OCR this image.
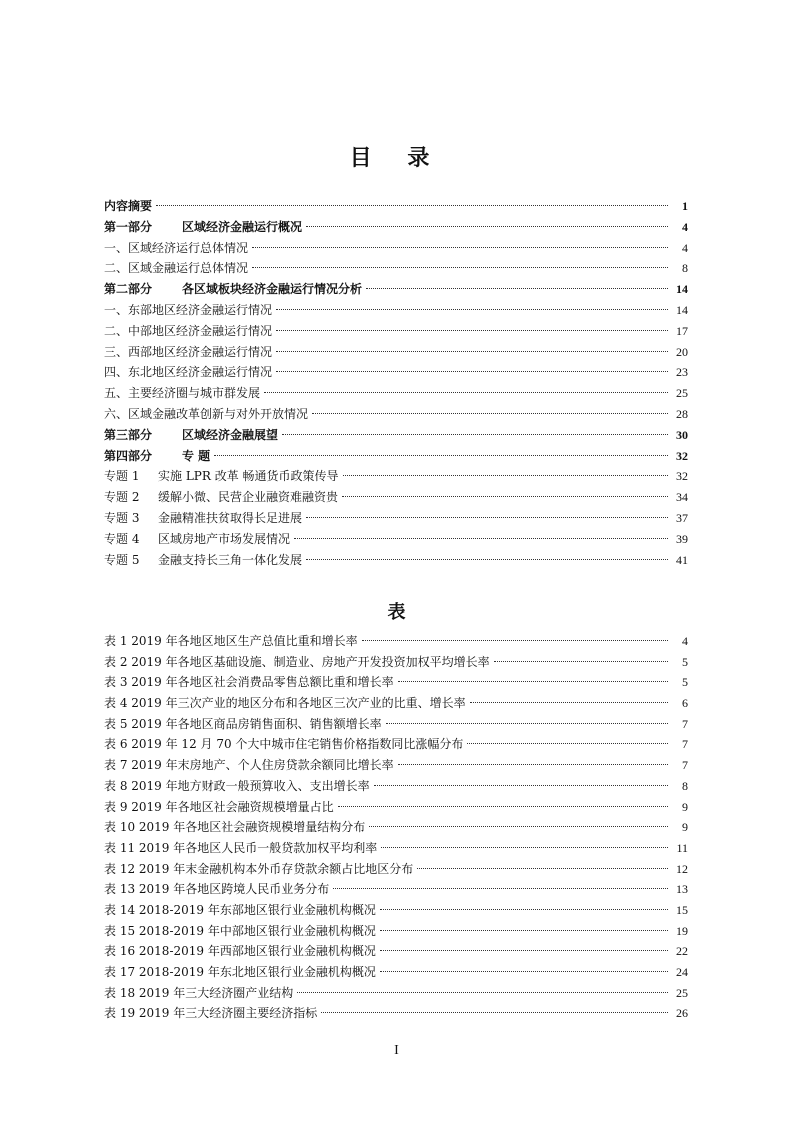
目 录
内容摘要	1
第一部分 区域经济金融运行概况	4
一、区域经济运行总体情况	4
二、区域金融运行总体情况	8
第二部分 各区域板块经济金融运行情况分析	14
一、东部地区经济金融运行情况	14
二、中部地区经济金融运行情况	17
三、西部地区经济金融运行情况	20
四、东北地区经济金融运行情况	23
五、主要经济圈与城市群发展	25
六、区域金融改革创新与对外开放情况	28
第三部分 区域经济金融展望	30
第四部分 专 题	32
专题 1 实施 LPR 改革 畅通货币政策传导	32
专题 2 缓解小微、民营企业融资难融资贵	34
专题 3 金融精准扶贫取得长足进展	37
专题 4 区域房地产市场发展情况	39
专题 5 金融支持长三角一体化发展	41
表
表 1 2019 年各地区地区生产总值比重和增长率	4
表 2 2019 年各地区基础设施、制造业、房地产开发投资加权平均增长率	5
表 3 2019 年各地区社会消费品零售总额比重和增长率	5
表 4 2019 年三次产业的地区分布和各地区三次产业的比重、增长率	6
表 5 2019 年各地区商品房销售面积、销售额增长率	7
表 6 2019 年 12 月 70 个大中城市住宅销售价格指数同比涨幅分布	7
表 7 2019 年末房地产、个人住房贷款余额同比增长率	7
表 8 2019 年地方财政一般预算收入、支出增长率	8
表 9 2019 年各地区社会融资规模增量占比	9
表 10 2019 年各地区社会融资规模增量结构分布	9
表 11 2019 年各地区人民币一般贷款加权平均利率	11
表 12 2019 年末金融机构本外币存贷款余额占比地区分布	12
表 13 2019 年各地区跨境人民币业务分布	13
表 14 2018-2019 年东部地区银行业金融机构概况	15
表 15 2018-2019 年中部地区银行业金融机构概况	19
表 16 2018-2019 年西部地区银行业金融机构概况	22
表 17 2018-2019 年东北地区银行业金融机构概况	24
表 18 2019 年三大经济圈产业结构	25
表 19 2019 年三大经济圈主要经济指标	26
I
